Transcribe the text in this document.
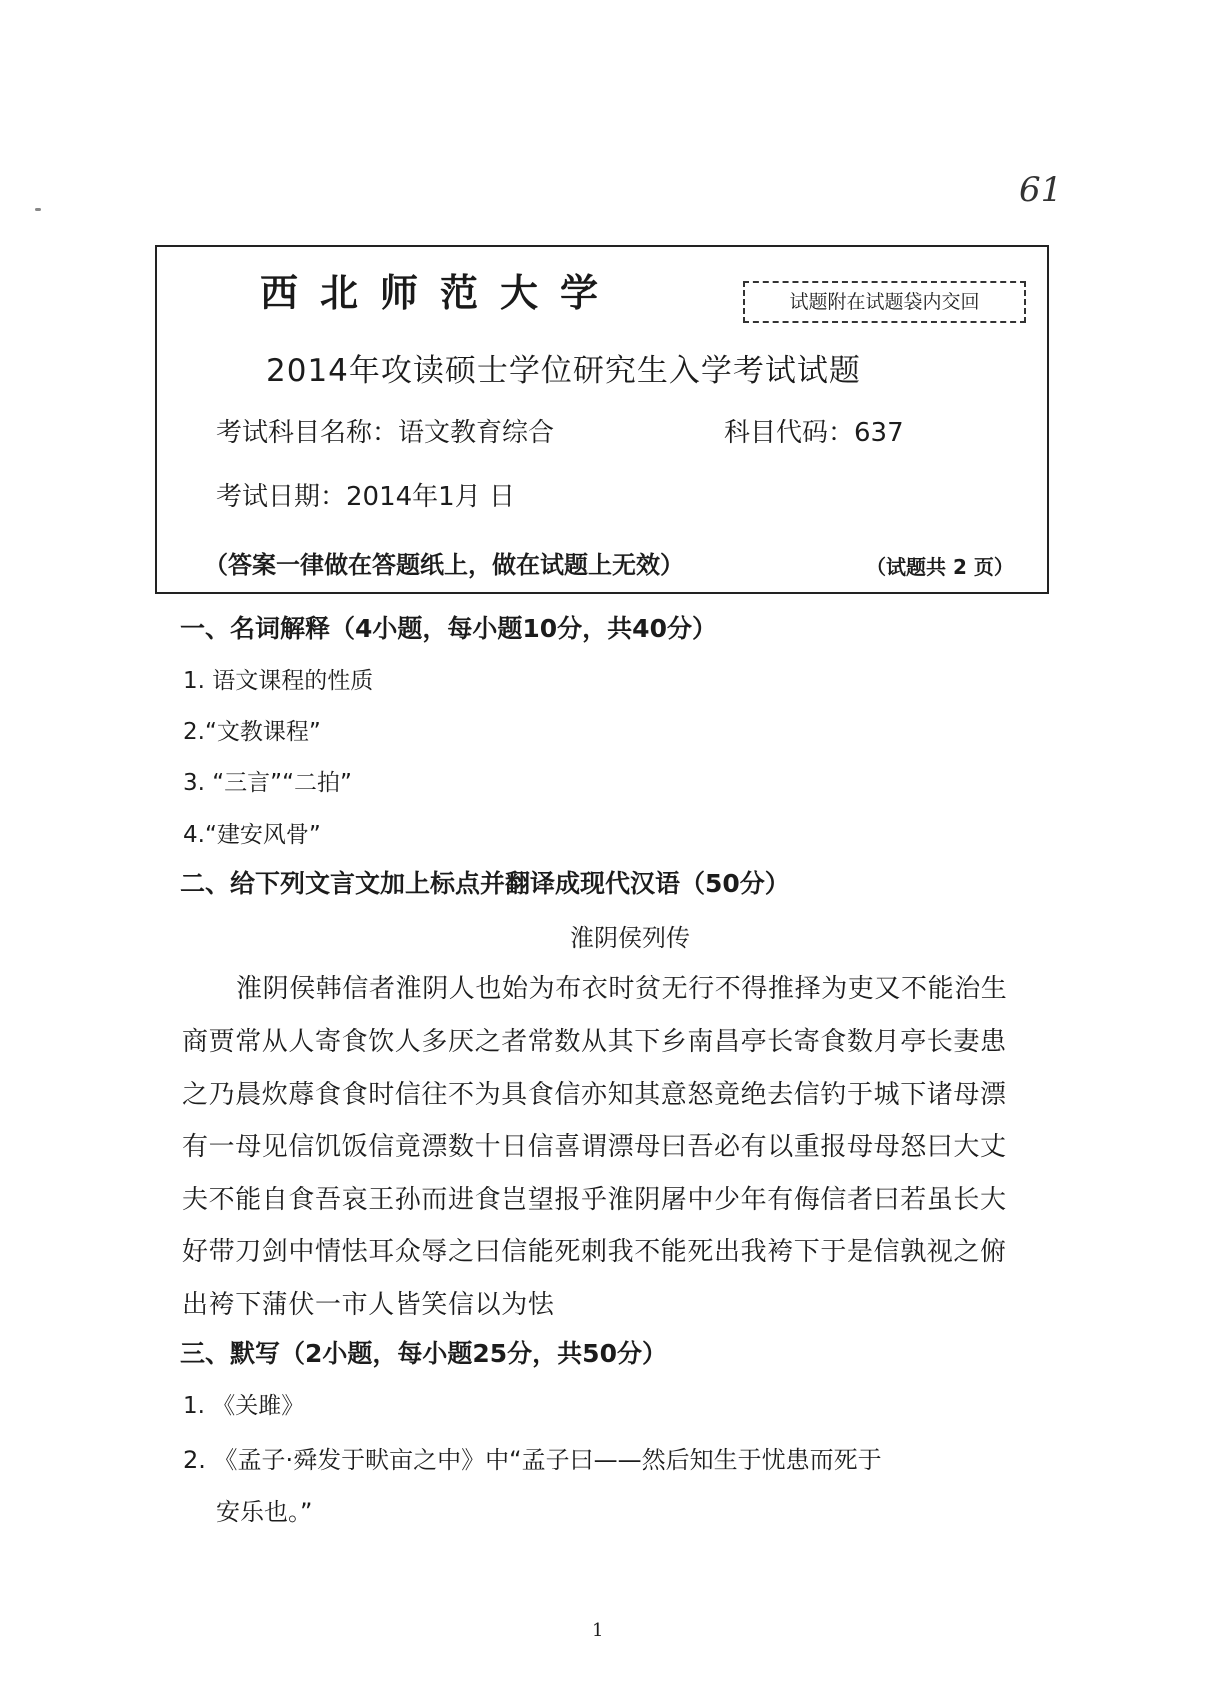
61
西北师范大学	试题附在试题袋内交回
2014年攻读硕士学位研究生入学考试试题
考试科目名称：语文教育综合	科目代码：637
考试日期：2014年1月 日
（答案一律做在答题纸上，做在试题上无效）	（试题共 2 页）
一、名词解释（4小题，每小题10分，共40分）
1. 语文课程的性质
2.“文教课程”
3. “三言”“二拍”
4.“建安风骨”
二、给下列文言文加上标点并翻译成现代汉语（50分）
淮阴侯列传
淮阴侯韩信者淮阴人也始为布衣时贫无行不得推择为吏又不能治生
商贾常从人寄食饮人多厌之者常数从其下乡南昌亭长寄食数月亭长妻患
之乃晨炊蓐食食时信往不为具食信亦知其意怒竟绝去信钓于城下诸母漂
有一母见信饥饭信竟漂数十日信喜谓漂母曰吾必有以重报母母怒曰大丈
夫不能自食吾哀王孙而进食岂望报乎淮阴屠中少年有侮信者曰若虽长大
好带刀剑中情怯耳众辱之曰信能死刺我不能死出我袴下于是信孰视之俯
出袴下蒲伏一市人皆笑信以为怯
三、默写（2小题，每小题25分，共50分）
1. 《关雎》
2. 《孟子·舜发于畎亩之中》中“孟子曰——然后知生于忧患而死于
安乐也。”
1
